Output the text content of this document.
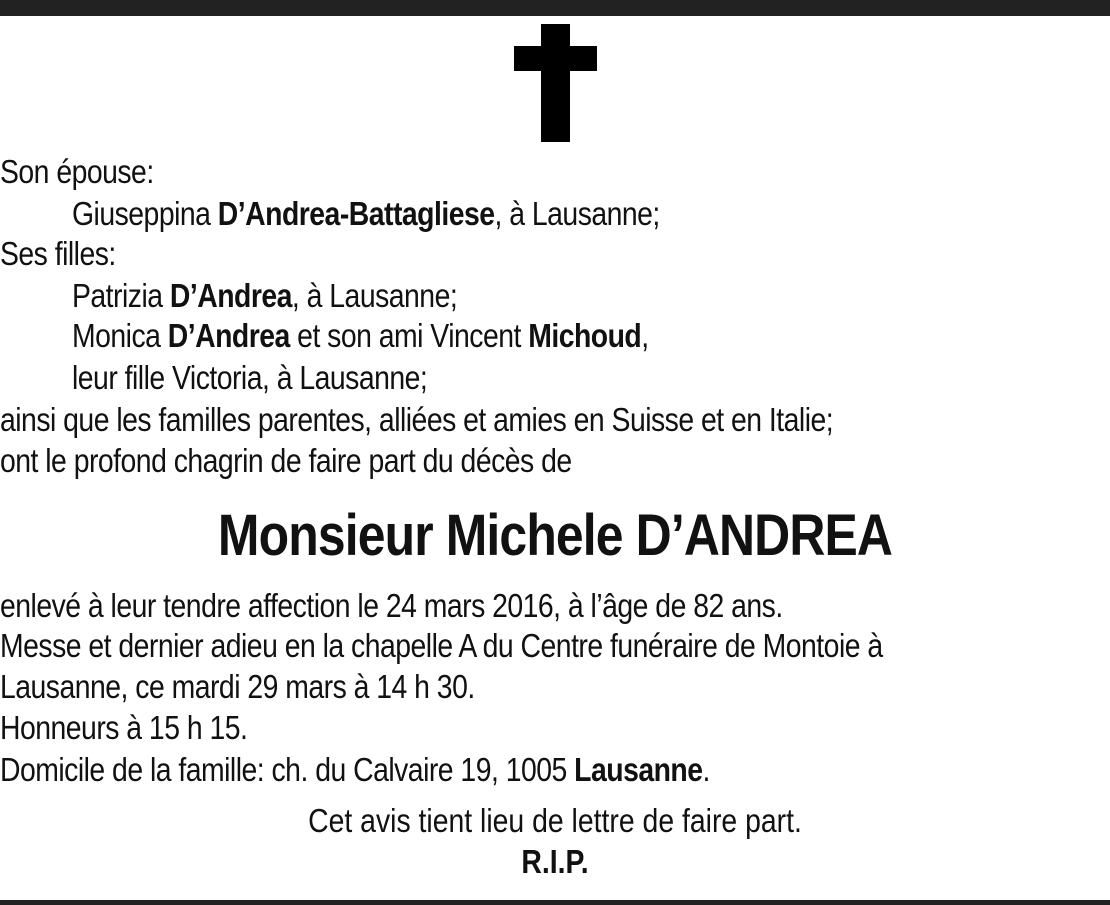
Son épouse:
Giuseppina D’Andrea-Battagliese, à Lausanne;
Ses filles:
Patrizia D’Andrea, à Lausanne;
Monica D’Andrea et son ami Vincent Michoud,
leur fille Victoria, à Lausanne;
ainsi que les familles parentes, alliées et amies en Suisse et en Italie;
ont le profond chagrin de faire part du décès de
Monsieur Michele D’ANDREA
enlevé à leur tendre affection le 24 mars 2016, à l’âge de 82 ans.
Messe et dernier adieu en la chapelle A du Centre funéraire de Montoie à
Lausanne, ce mardi 29 mars à 14 h 30.
Honneurs à 15 h 15.
Domicile de la famille: ch. du Calvaire 19, 1005 Lausanne.
Cet avis tient lieu de lettre de faire part.
R.I.P.
